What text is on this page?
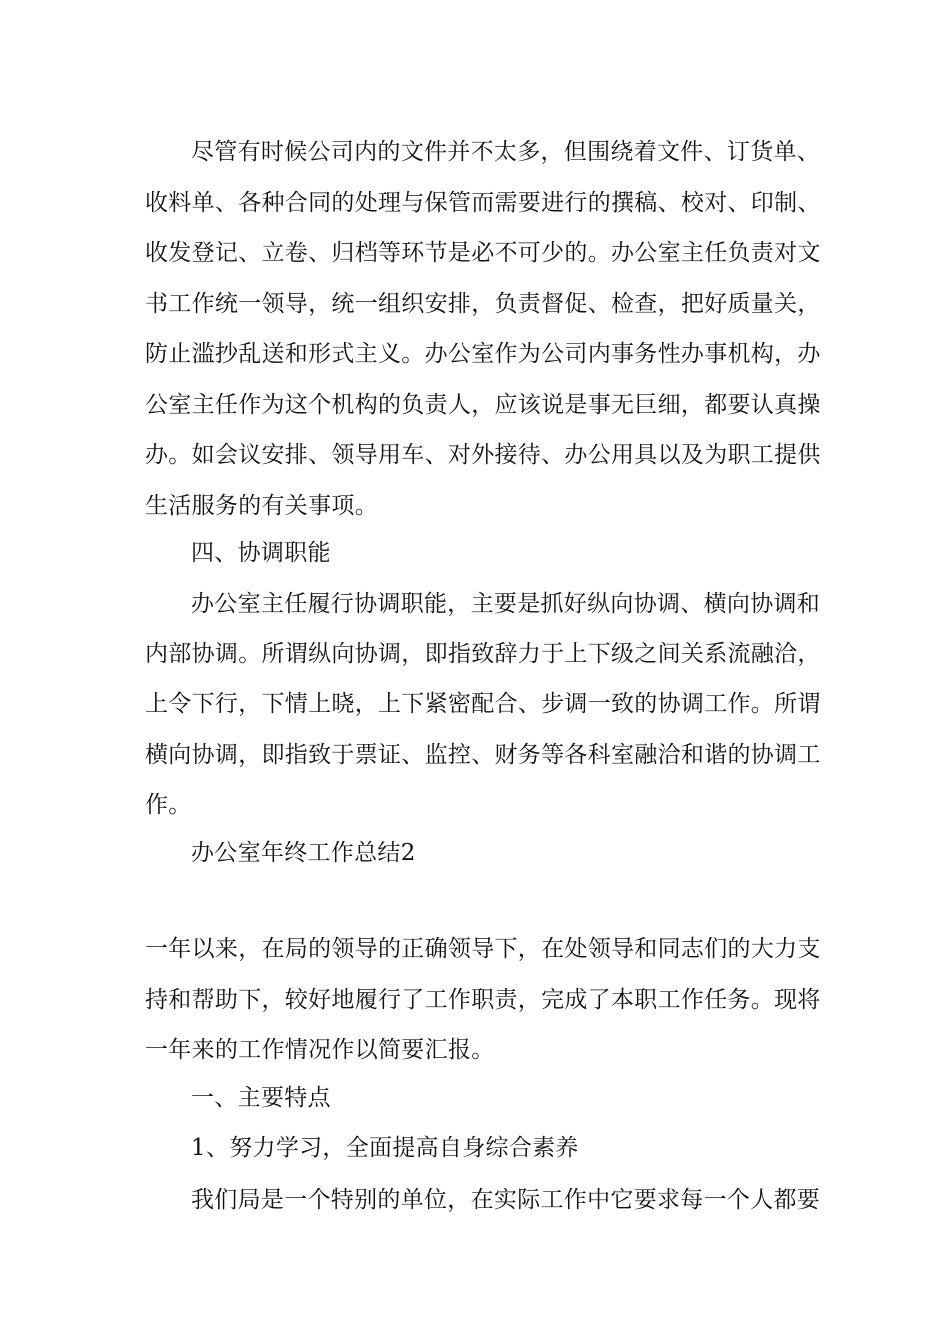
尽管有时候公司内的文件并不太多，但围绕着文件、订货单、
收料单、各种合同的处理与保管而需要进行的撰稿、校对、印制、
收发登记、立卷、归档等环节是必不可少的。办公室主任负责对文
书工作统一领导，统一组织安排，负责督促、检查，把好质量关，
防止滥抄乱送和形式主义。办公室作为公司内事务性办事机构，办
公室主任作为这个机构的负责人，应该说是事无巨细，都要认真操
办。如会议安排、领导用车、对外接待、办公用具以及为职工提供
生活服务的有关事项。
四、协调职能
办公室主任履行协调职能，主要是抓好纵向协调、横向协调和
内部协调。所谓纵向协调，即指致辞力于上下级之间关系流融洽，
上令下行，下情上晓，上下紧密配合、步调一致的协调工作。所谓
横向协调，即指致于票证、监控、财务等各科室融洽和谐的协调工
作。
办公室年终工作总结2
一年以来，在局的领导的正确领导下，在处领导和同志们的大力支
持和帮助下，较好地履行了工作职责，完成了本职工作任务。现将
一年来的工作情况作以简要汇报。
一、主要特点
1、努力学习，全面提高自身综合素养
我们局是一个特别的单位，在实际工作中它要求每一个人都要
